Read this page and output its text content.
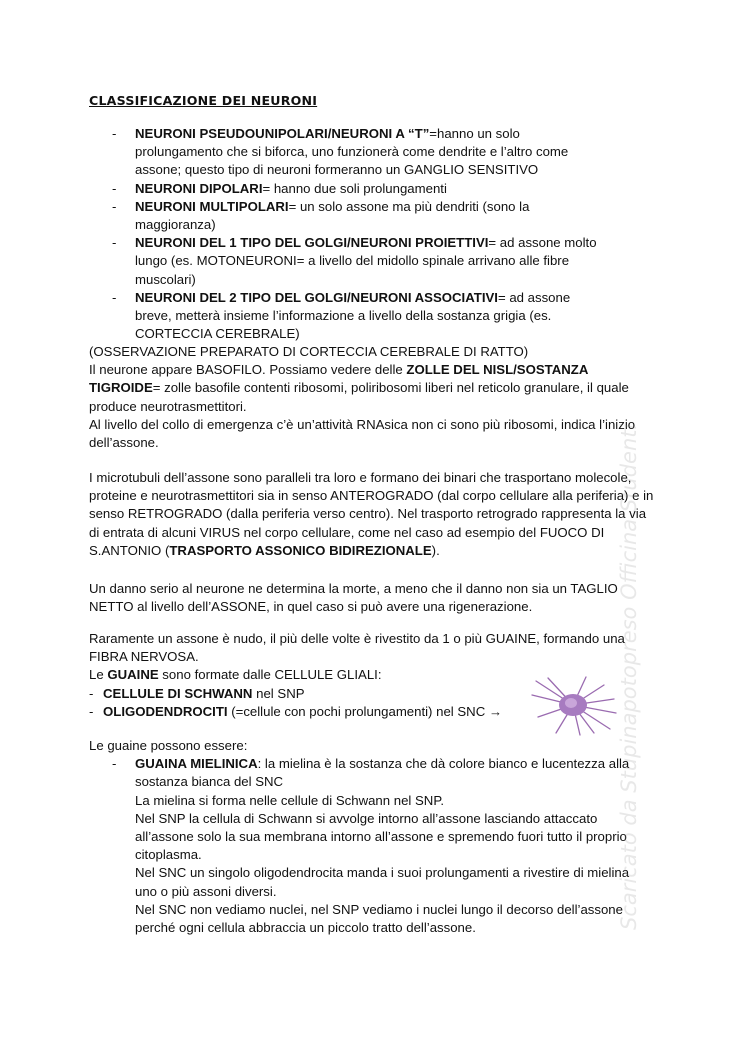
CLASSIFICAZIONE DEI NEURONI
- NEURONI PSEUDOUNIPOLARI/NEURONI A “T”=hanno un solo prolungamento che si biforca, uno funzionerà come dendrite e l’altro come assone; questo tipo di neuroni formeranno un GANGLIO SENSITIVO
- NEURONI DIPOLARI= hanno due soli prolungamenti
- NEURONI MULTIPOLARI= un solo assone ma più dendriti (sono la maggioranza)
- NEURONI DEL 1 TIPO DEL GOLGI/NEURONI PROIETTIVI= ad assone molto lungo (es. MOTONEURONI= a livello del midollo spinale arrivano alle fibre muscolari)
- NEURONI DEL 2 TIPO DEL GOLGI/NEURONI ASSOCIATIVI= ad assone breve, metterà insieme l’informazione a livello della sostanza grigia (es. CORTECCIA CEREBRALE)

(OSSERVAZIONE PREPARATO DI CORTECCIA CEREBRALE DI RATTO)

Il neurone appare BASOFILO. Possiamo vedere delle ZOLLE DEL NISL/SOSTANZA TIGROIDE= zolle basofile contenti ribosomi, poliribosomi liberi nel reticolo granulare, il quale produce neurotrasmettitori.

Al livello del collo di emergenza c’è un’attività RNAsica non ci sono più ribosomi, indica l’inizio dell’assone.

I microtubuli dell’assone sono paralleli tra loro e formano dei binari che trasportano molecole, proteine e neurotrasmettitori sia in senso ANTEROGRADO (dal corpo cellulare alla periferia) e in senso RETROGRADO (dalla periferia verso centro). Nel trasporto retrogrado rappresenta la via di entrata di alcuni VIRUS nel corpo cellulare, come nel caso ad esempio del FUOCO DI S.ANTONIO (TRASPORTO ASSONICO BIDIREZIONALE).

Un danno serio al neurone ne determina la morte, a meno che il danno non sia un TAGLIO NETTO al livello dell’ASSONE, in quel caso si può avere una rigenerazione.

Raramente un assone è nudo, il più delle volte è rivestito da 1 o più GUAINE, formando una FIBRA NERVOSA.

Le GUAINE sono formate dalle CELLULE GLIALI:

- CELLULE DI SCHWANN nel SNP
- OLIGODENDROCITI (=cellule con pochi prolungamenti) nel SNC →

Le guaine possono essere:

- GUAINA MIELINICA: la mielina è la sostanza che dà colore bianco e lucentezza alla sostanza bianca del SNC

La mielina si forma nelle cellule di Schwann nel SNP.

Nel SNP la cellula di Schwann si avvolge intorno all’assone lasciando attaccato all’assone solo la sua membrana intorno all’assone e spremendo fuori tutto il proprio citoplasma.

Nel SNC un singolo oligodendrocita manda i suoi prolungamenti a rivestire di mielina uno o più assoni diversi.

Nel SNC non vediamo nuclei, nel SNP vediamo i nuclei lungo il decorso dell’assone perché ogni cellula abbraccia un piccolo tratto dell’assone.	Scaricato da Stupinapotopreso Officina Studenti
